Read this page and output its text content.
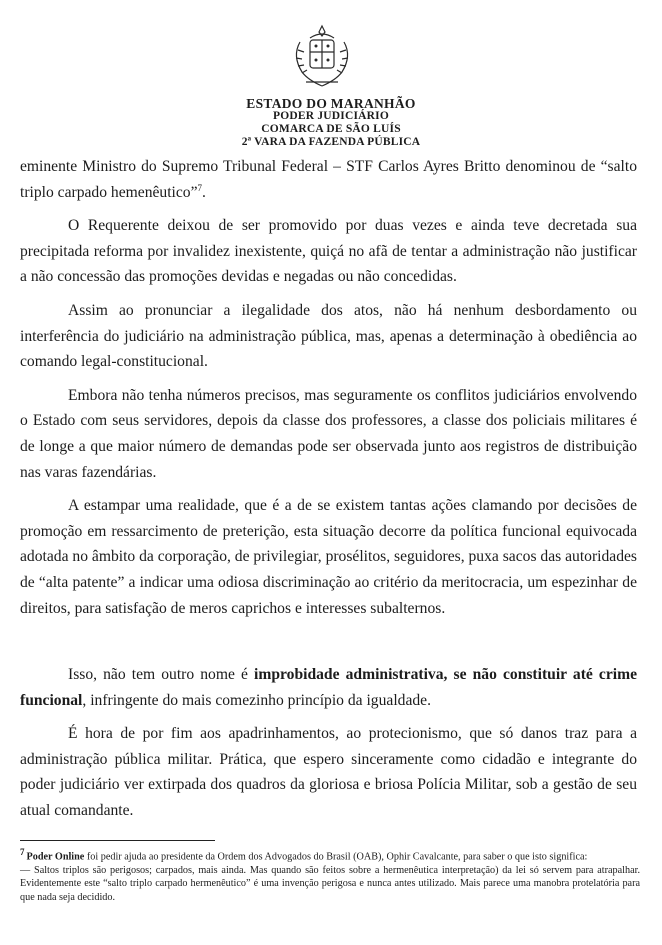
ESTADO DO MARANHÃO
PODER JUDICIÁRIO
COMARCA DE SÃO LUÍS
2ª VARA DA FAZENDA PÚBLICA

eminente Ministro do Supremo Tribunal Federal – STF Carlos Ayres Britto denominou de “salto triplo carpado hemenêutico”$^7$.

O Requerente deixou de ser promovido por duas vezes e ainda teve decretada sua precipitada reforma por invalidez inexistente, quiçá no afã de tentar a administração não justificar a não concessão das promoções devidas e negadas ou não concedidas.

Assim ao pronunciar a ilegalidade dos atos, não há nenhum desbordamento ou interferência do judiciário na administração pública, mas, apenas a determinação à obediência ao comando legal-constitucional.

Embora não tenha números precisos, mas seguramente os conflitos judiciários envolvendo o Estado com seus servidores, depois da classe dos professores, a classe dos policiais militares é de longe a que maior número de demandas pode ser observada junto aos registros de distribuição nas varas fazendárias.

A estampar uma realidade, que é a de se existem tantas ações clamando por decisões de promoção em ressarcimento de preterição, esta situação decorre da política funcional equivocada adotada no âmbito da corporação, de privilegiar, prosélitos, seguidores, puxa sacos das autoridades de “alta patente” a indicar uma odiosa discriminação ao critério da meritocracia, um espezinhar de direitos, para satisfação de meros caprichos e interesses subalternos.

Isso, não tem outro nome é improbidade administrativa, se não constituir até crime funcional, infringente do mais comezinho princípio da igualdade.

É hora de por fim aos apadrinhamentos, ao protecionismo, que só danos traz para a administração pública militar. Prática, que espero sinceramente como cidadão e integrante do poder judiciário ver extirpada dos quadros da gloriosa e briosa Polícia Militar, sob a gestão de seu atual comandante.

7 Poder Online foi pedir ajuda ao presidente da Ordem dos Advogados do Brasil (OAB), Ophir Cavalcante, para saber o que isto significa:

— Saltos triplos são perigosos; carpados, mais ainda. Mas quando são feitos sobre a hermenêutica interpretação) da lei só servem para atrapalhar. Evidentemente este “salto triplo carpado hermenêutico” é uma invenção perigosa e nunca antes utilizado. Mais parece uma manobra protelatória para que nada seja decidido.
